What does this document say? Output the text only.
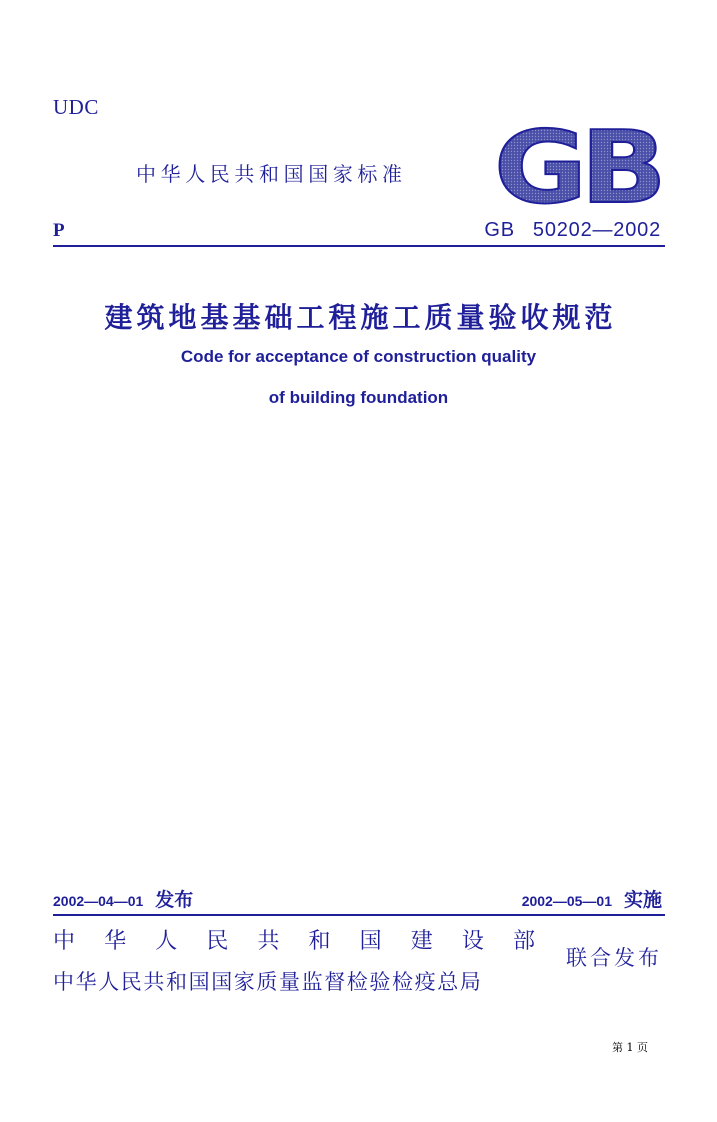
UDC
中华人民共和国国家标准 GB
P	GB 50202—2002
建筑地基基础工程施工质量验收规范
Code for acceptance of construction quality
of building foundation
2002—04—01 发布	2002—05—01 实施
中 华 人 民 共 和 国 建 设 部
中华人民共和国国家质量监督检验检疫总局
联合发布
第 1 页
